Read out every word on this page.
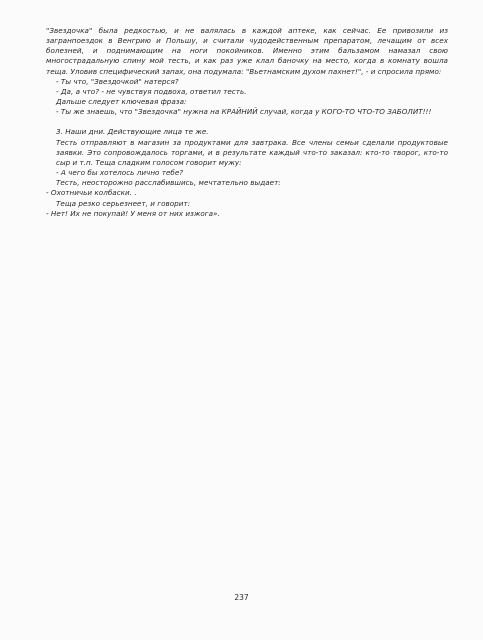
"Звездочка" была редкостью, и не валялась в каждой аптеке, как сейчас. Ее привозили из загранпоездок в Венгрию и Польшу, и считали чудодейственным препаратом, лечащим от всех болезней, и поднимающим на ноги покойников. Именно этим бальзамом намазал свою многострадальную спину мой тесть, и как раз уже клал баночку на место, когда в комнату вошла теща. Уловив специфический запах, она подумала: "Вьетнамским духом пахнет!", - и спросила прямо:

- Ты что, "Звездочкой" натерся?

- Да, а что? - не чувствуя подвоха, ответил тесть.

Дальше следует ключевая фраза:

- Ты же знаешь, что "Звездочка" нужна на КРАЙНИЙ случай, когда у КОГО-ТО ЧТО-ТО ЗАБОЛИТ!!!

3. Наши дни. Действующие лица те же.

Тесть отправляют в магазин за продуктами для завтрака. Все члены семьи сделали продуктовые заявки. Это сопровождалось торгами, и в результате каждый что-то заказал: кто-то творог, кто-то сыр и т.п. Теща сладким голосом говорит мужу:

- А чего бы хотелось лично тебе?

Тесть, неосторожно расслабившись, мечтательно выдает:

- Охотничьи колбаски. .

Теща резко серьезнеет, и говорит:

- Нет! Их не покупай! У меня от них изжога».

237
